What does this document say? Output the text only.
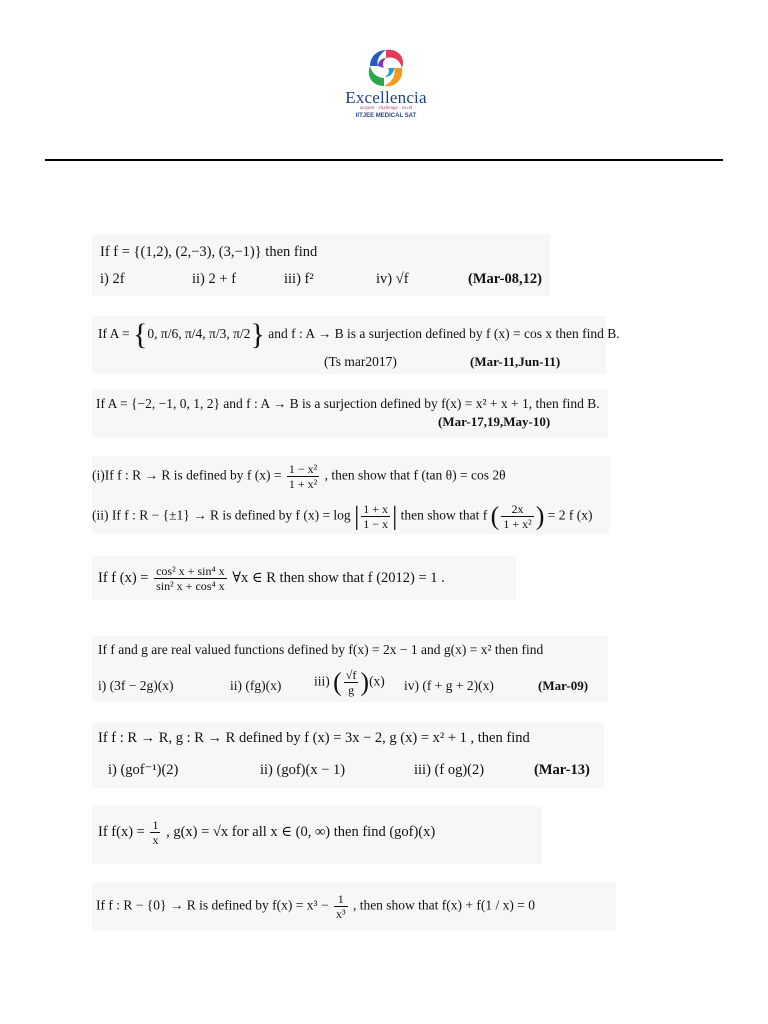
Excellencia
acquire · challenge · excel
IITJEE MEDICAL SAT
If f = {(1,2), (2,−3), (3,−1)} then find
i) 2f	ii) 2 + f	iii) f²	iv) √f	(Mar-08,12)
If A = {0, π/6, π/4, π/3, π/2} and f : A → B is a surjection defined by f (x) = cos x then find B.
(Ts mar2017)	(Mar-11,Jun-11)
If A = {−2, −1, 0, 1, 2} and f : A → B is a surjection defined by f(x) = x² + x + 1, then find B.
(Mar-17,19,May-10)
(i)If f : R → R is defined by f $(x) = \frac{\text{1 − x²}}{\text{1 + x²}}$ , then show that f (tan θ) = cos 2θ
(ii) If f : R − {±1} → R is defined by f (x) = log | $\frac{1 + x}{1 - x}$ | then show that f ( $\frac{2x}{\text{1 + x²}}$ ) = 2 f (x)
If f $(x) = \frac{\text{cos² x + sin⁴ x}}{\text{sin² x + cos⁴ x}}$ ∀x ∈ R then show that f (2012) = 1 .
If f and g are real valued functions defined by f(x) = 2x − 1 and g(x) = x² then find
i) (3f − 2g)(x)	ii) (fg)(x) iii) ( $\frac{√f}{g} )(x)$ iv) (f + g + 2)(x)	(Mar-09)
If f : R → R, g : R → R defined by f (x) = 3x − 2, g (x) = x² + 1 , then find
i) (gof⁻¹)(2)	ii) (gof)(x − 1)	iii) (f og)(2)	(Mar-13)
If $f(x) = \frac{1}{x}$ , g(x) = √x for all x ∈ (0, ∞) then find (gof)(x)
If f : R − {0} → R is defined by $f(x) = x^3 - \frac{1}{\text{x³}}$ , then show that f(x) + f(1 / x) = 0
